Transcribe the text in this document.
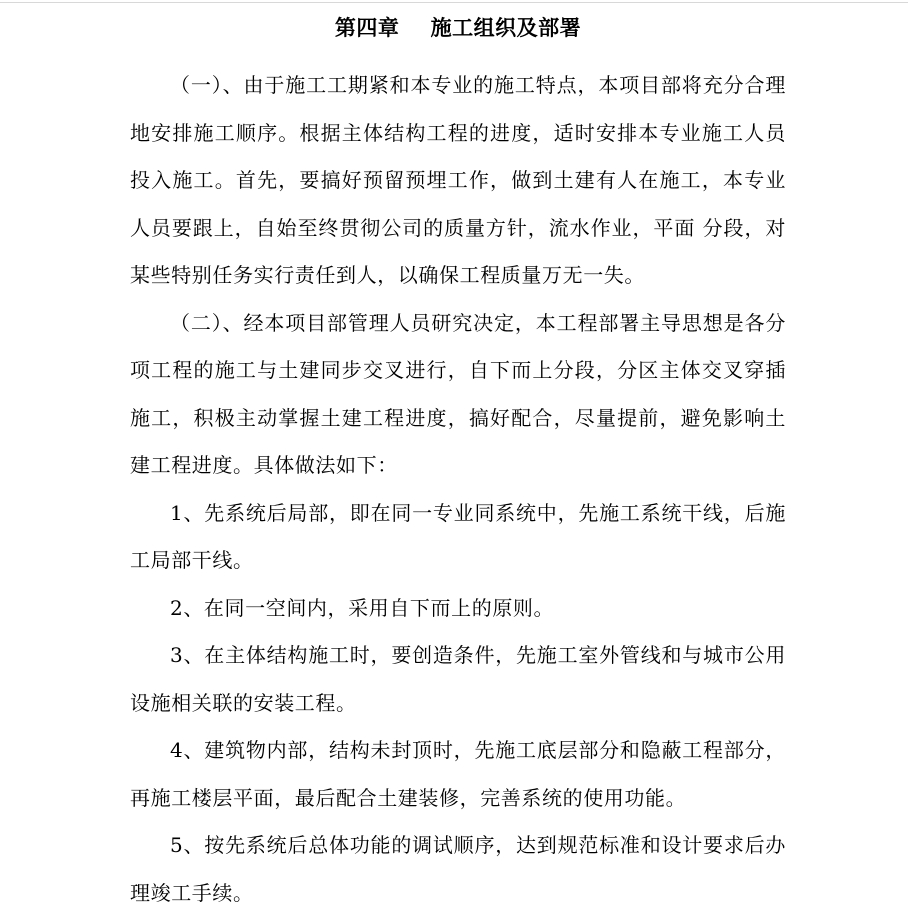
第四章    施工组织及部署

（一）、由于施工工期紧和本专业的施工特点，本项目部将充分合理地安排施工顺序。根据主体结构工程的进度，适时安排本专业施工人员投入施工。首先，要搞好预留预埋工作，做到土建有人在施工，本专业人员要跟上，自始至终贯彻公司的质量方针，流水作业，平面 分段，对某些特别任务实行责任到人，以确保工程质量万无一失。

（二）、经本项目部管理人员研究决定，本工程部署主导思想是各分项工程的施工与土建同步交叉进行，自下而上分段，分区主体交叉穿插施工，积极主动掌握土建工程进度，搞好配合，尽量提前，避免影响土建工程进度。具体做法如下：

1、先系统后局部，即在同一专业同系统中，先施工系统干线，后施工局部干线。

2、在同一空间内，采用自下而上的原则。

3、在主体结构施工时，要创造条件，先施工室外管线和与城市公用设施相关联的安装工程。

4、建筑物内部，结构未封顶时，先施工底层部分和隐蔽工程部分，再施工楼层平面，最后配合土建装修，完善系统的使用功能。

5、按先系统后总体功能的调试顺序，达到规范标准和设计要求后办理竣工手续。
